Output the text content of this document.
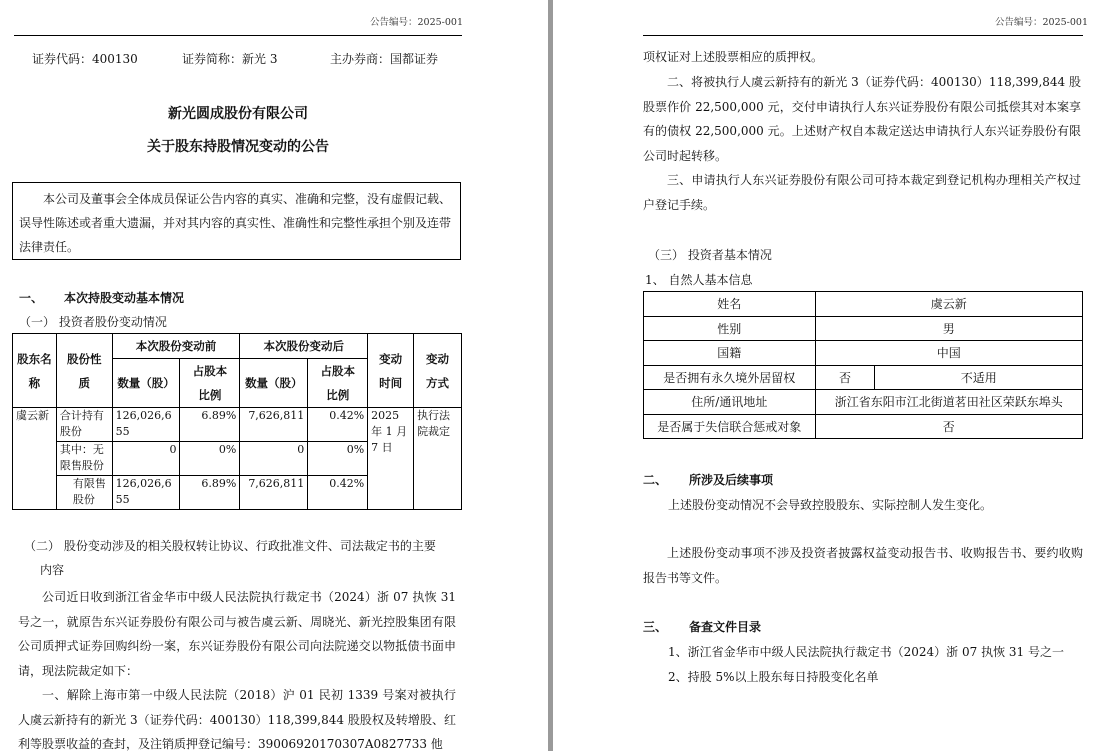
公告编号：2025-001
证券代码：400130	证券简称：新光 3	主办券商：国都证券
新光圆成股份有限公司
关于股东持股情况变动的公告
本公司及董事会全体成员保证公告内容的真实、准确和完整，没有虚假记载、误导性陈述或者重大遗漏，并对其内容的真实性、准确性和完整性承担个别及连带法律责任。
一、 本次持股变动基本情况
（一） 投资者股份变动情况
股东名称	股份性质	本次股份变动前		本次股份变动后		变动时间	变动方式
		数量（股）	占股本比例	数量（股）	占股本比例		
虞云新	合计持有股份	126,026,655	6.89%	7,626,811	0.42%	2025 年 1 月 7 日	执行法院裁定
	其中：无限售股份	0	0%	0	0%		
	有限售股份	126,026,655	6.89%	7,626,811	0.42%		
（二） 股份变动涉及的相关股权转让协议、行政批准文件、司法裁定书的主要
内容
公司近日收到浙江省金华市中级人民法院执行裁定书（2024）浙 07 执恢 31 号之一，就原告东兴证券股份有限公司与被告虞云新、周晓光、新光控股集团有限公司质押式证券回购纠纷一案，东兴证券股份有限公司向法院递交以物抵债书面申请，现法院裁定如下：
一、解除上海市第一中级人民法院（2018）沪 01 民初 1339 号案对被执行人虞云新持有的新光 3（证券代码：400130）118,399,844 股股权及转增股、红利等股票收益的查封，及注销质押登记编号：39006920170307A0827733 他
公告编号：2025-001
项权证对上述股票相应的质押权。
二、将被执行人虞云新持有的新光 3（证券代码：400130）118,399,844 股股票作价 22,500,000 元，交付申请执行人东兴证券股份有限公司抵偿其对本案享有的债权 22,500,000 元。上述财产权自本裁定送达申请执行人东兴证券股份有限公司时起转移。
三、申请执行人东兴证券股份有限公司可持本裁定到登记机构办理相关产权过户登记手续。
（三） 投资者基本情况
1、 自然人基本信息
姓名	虞云新	
性别	男	
国籍	中国	
是否拥有永久境外居留权	否	不适用
住所/通讯地址	浙江省东阳市江北街道茗田社区荣跃东埠头	
是否属于失信联合惩戒对象	否	
二、 所涉及后续事项
上述股份变动情况不会导致控股股东、实际控制人发生变化。
上述股份变动事项不涉及投资者披露权益变动报告书、收购报告书、要约收购报告书等文件。
三、 备查文件目录
1、浙江省金华市中级人民法院执行裁定书（2024）浙 07 执恢 31 号之一
2、持股 5%以上股东每日持股变化名单
